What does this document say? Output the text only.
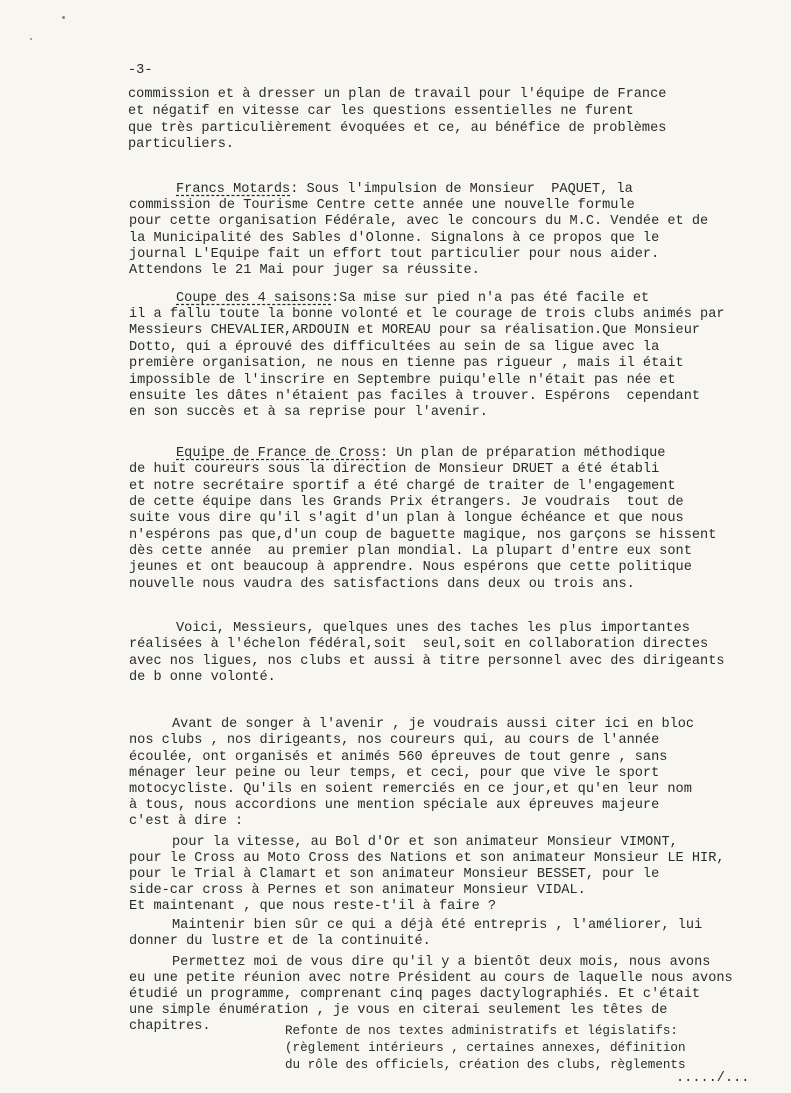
-3-
commission et à dresser un plan de travail pour l'équipe de France
et négatif en vitesse car les questions essentielles ne furent
que très particulièrement évoquées et ce, au bénéfice de problèmes
particuliers.
Francs Motards: Sous l'impulsion de Monsieur  PAQUET, la
commission de Tourisme Centre cette année une nouvelle formule
pour cette organisation Fédérale, avec le concours du M.C. Vendée et de
la Municipalité des Sables d'Olonne. Signalons à ce propos que le
journal L'Equipe fait un effort tout particulier pour nous aider.
Attendons le 21 Mai pour juger sa réussite.
Coupe des 4 saisons:Sa mise sur pied n'a pas été facile et
il a fallu toute la bonne volonté et le courage de trois clubs animés par
Messieurs CHEVALIER,ARDOUIN et MOREAU pour sa réalisation.Que Monsieur
Dotto, qui a éprouvé des difficultées au sein de sa ligue avec la
première organisation, ne nous en tienne pas rigueur , mais il était
impossible de l'inscrire en Septembre puiqu'elle n'était pas née et
ensuite les dâtes n'étaient pas faciles à trouver. Espérons  cependant
en son succès et à sa reprise pour l'avenir.
Equipe de France de Cross: Un plan de préparation méthodique
de huit coureurs sous la direction de Monsieur DRUET a été établi
et notre secrétaire sportif a été chargé de traiter de l'engagement
de cette équipe dans les Grands Prix étrangers. Je voudrais  tout de
suite vous dire qu'il s'agit d'un plan à longue échéance et que nous
n'espérons pas que,d'un coup de baguette magique, nos garçons se hissent
dès cette année  au premier plan mondial. La plupart d'entre eux sont
jeunes et ont beaucoup à apprendre. Nous espérons que cette politique
nouvelle nous vaudra des satisfactions dans deux ou trois ans.
Voici, Messieurs, quelques unes des taches les plus importantes
réalisées à l'échelon fédéral,soit  seul,soit en collaboration directes
avec nos ligues, nos clubs et aussi à titre personnel avec des dirigeants
de b onne volonté.
Avant de songer à l'avenir , je voudrais aussi citer ici en bloc
nos clubs , nos dirigeants, nos coureurs qui, au cours de l'année
écoulée, ont organisés et animés 560 épreuves de tout genre , sans
ménager leur peine ou leur temps, et ceci, pour que vive le sport
motocycliste. Qu'ils en soient remerciés en ce jour,et qu'en leur nom
à tous, nous accordions une mention spéciale aux épreuves majeure
c'est à dire :
pour la vitesse, au Bol d'Or et son animateur Monsieur VIMONT,
pour le Cross au Moto Cross des Nations et son animateur Monsieur LE HIR,
pour le Trial à Clamart et son animateur Monsieur BESSET, pour le
side-car cross à Pernes et son animateur Monsieur VIDAL.
Et maintenant , que nous reste-t'il à faire ?
Maintenir bien sûr ce qui a déjà été entrepris , l'améliorer, lui
donner du lustre et de la continuité.
Permettez moi de vous dire qu'il y a bientôt deux mois, nous avons
eu une petite réunion avec notre Président au cours de laquelle nous avons
étudié un programme, comprenant cinq pages dactylographiés. Et c'était
une simple énumération , je vous en citerai seulement les têtes de
chapitres.	Refonte de nos textes administratifs et législatifs:
(règlement intérieurs , certaines annexes, définition
du rôle des officiels, création des clubs, règlements
...../...
